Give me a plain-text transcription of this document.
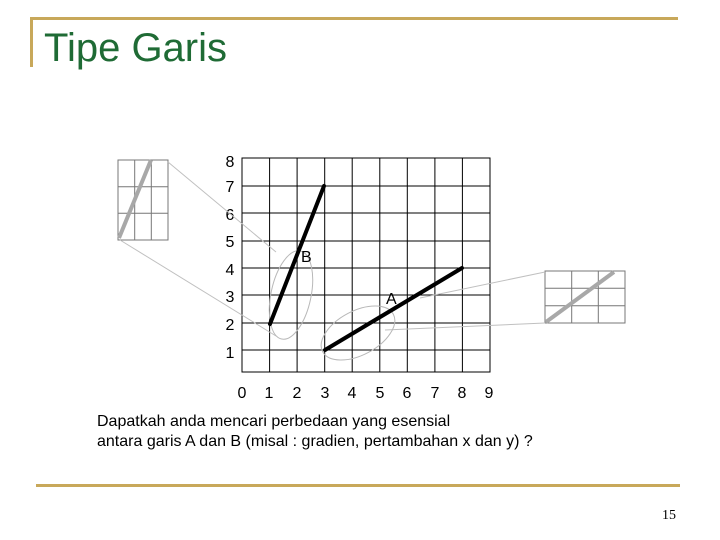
Tipe Garis
8
7
6
5
4
3
2
1
0 1 2 3 4 5 6 7 8 9
B
A
Dapatkah anda mencari perbedaan yang esensial
antara garis A dan B (misal : gradien, pertambahan x dan y) ?
15
